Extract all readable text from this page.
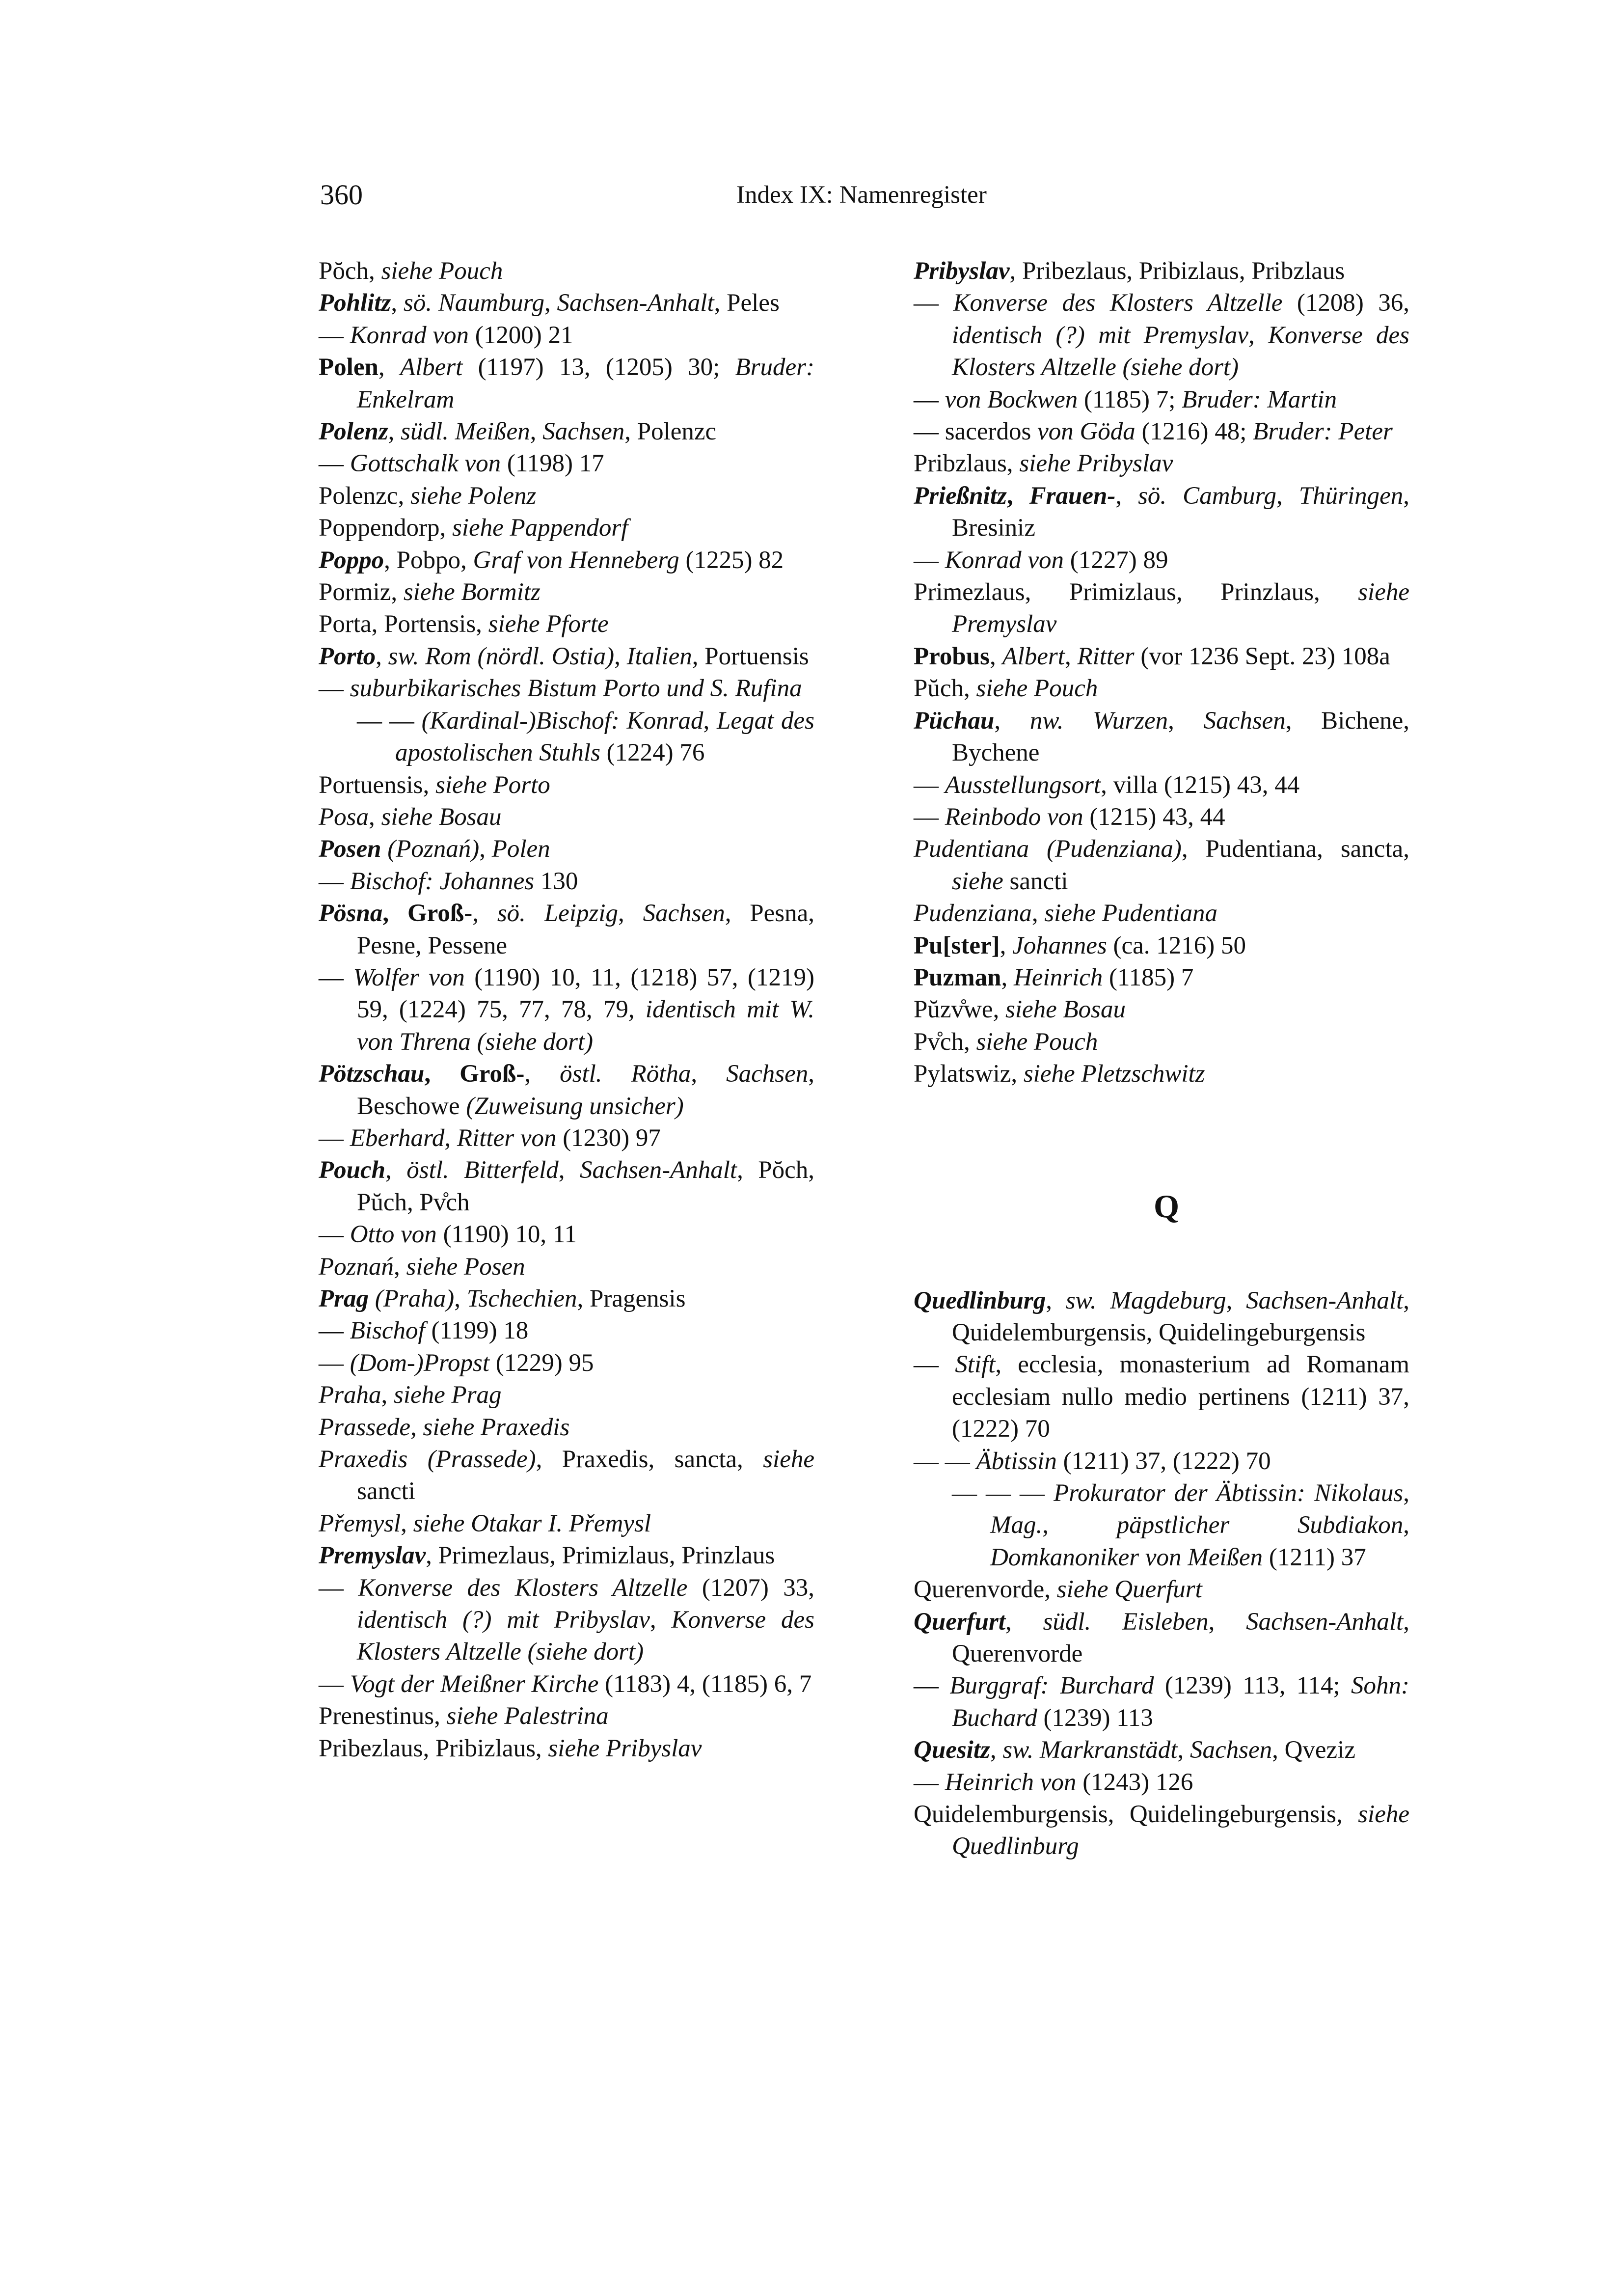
360	Index IX: Namenregister
Pŏch, siehe Pouch
Pohlitz, sö. Naumburg, Sachsen-Anhalt, Peles
— Konrad von (1200) 21
Polen, Albert (1197) 13, (1205) 30; Bruder: Enkelram
Polenz, südl. Meißen, Sachsen, Polenzc
— Gottschalk von (1198) 17
Polenzc, siehe Polenz
Poppendorp, siehe Pappendorf
Poppo, Pobpo, Graf von Henneberg (1225) 82
Pormiz, siehe Bormitz
Porta, Portensis, siehe Pforte
Porto, sw. Rom (nördl. Ostia), Italien, Portuensis
— suburbikarisches Bistum Porto und S. Rufina
— — (Kardinal-)Bischof: Konrad, Legat des apostolischen Stuhls (1224) 76
Portuensis, siehe Porto
Posa, siehe Bosau
Posen (Poznań), Polen
— Bischof: Johannes 130
Pösna, Groß-, sö. Leipzig, Sachsen, Pesna, Pesne, Pessene
— Wolfer von (1190) 10, 11, (1218) 57, (1219) 59, (1224) 75, 77, 78, 79, identisch mit W. von Threna (siehe dort)
Pötzschau, Groß-, östl. Rötha, Sachsen, Beschowe (Zuweisung unsicher)
— Eberhard, Ritter von (1230) 97
Pouch, östl. Bitterfeld, Sachsen-Anhalt, Pŏch, Pŭch, Pv̊ch
— Otto von (1190) 10, 11
Poznań, siehe Posen
Prag (Praha), Tschechien, Pragensis
— Bischof (1199) 18
— (Dom-)Propst (1229) 95
Praha, siehe Prag
Prassede, siehe Praxedis
Praxedis (Prassede), Praxedis, sancta, siehe sancti
Přemysl, siehe Otakar I. Přemysl
Premyslav, Primezlaus, Primizlaus, Prinzlaus
— Konverse des Klosters Altzelle (1207) 33, identisch (?) mit Pribyslav, Konverse des Klosters Altzelle (siehe dort)
— Vogt der Meißner Kirche (1183) 4, (1185) 6, 7
Prenestinus, siehe Palestrina
Pribezlaus, Pribizlaus, siehe Pribyslav
Pribyslav, Pribezlaus, Pribizlaus, Pribzlaus
— Konverse des Klosters Altzelle (1208) 36, identisch (?) mit Premyslav, Konverse des Klosters Altzelle (siehe dort)
— von Bockwen (1185) 7; Bruder: Martin
— sacerdos von Göda (1216) 48; Bruder: Peter
Pribzlaus, siehe Pribyslav
Prießnitz, Frauen-, sö. Camburg, Thüringen, Bresiniz
— Konrad von (1227) 89
Primezlaus, Primizlaus, Prinzlaus, siehe Premyslav
Probus, Albert, Ritter (vor 1236 Sept. 23) 108a
Pŭch, siehe Pouch
Püchau, nw. Wurzen, Sachsen, Bichene, Bychene
— Ausstellungsort, villa (1215) 43, 44
— Reinbodo von (1215) 43, 44
Pudentiana (Pudenziana), Pudentiana, sancta, siehe sancti
Pudenziana, siehe Pudentiana
Pu[ster], Johannes (ca. 1216) 50
Puzman, Heinrich (1185) 7
Pŭzv̊we, siehe Bosau
Pv̊ch, siehe Pouch
Pylatswiz, siehe Pletzschwitz
Q
Quedlinburg, sw. Magdeburg, Sachsen-Anhalt, Quidelemburgensis, Quidelingeburgensis
— Stift, ecclesia, monasterium ad Romanam ecclesiam nullo medio pertinens (1211) 37, (1222) 70
— — Äbtissin (1211) 37, (1222) 70
— — — Prokurator der Äbtissin: Nikolaus, Mag., päpstlicher Subdiakon, Domkanoniker von Meißen (1211) 37
Querenvorde, siehe Querfurt
Querfurt, südl. Eisleben, Sachsen-Anhalt, Querenvorde
— Burggraf: Burchard (1239) 113, 114; Sohn: Buchard (1239) 113
Quesitz, sw. Markranstädt, Sachsen, Qveziz
— Heinrich von (1243) 126
Quidelemburgensis, Quidelingeburgensis, siehe Quedlinburg
